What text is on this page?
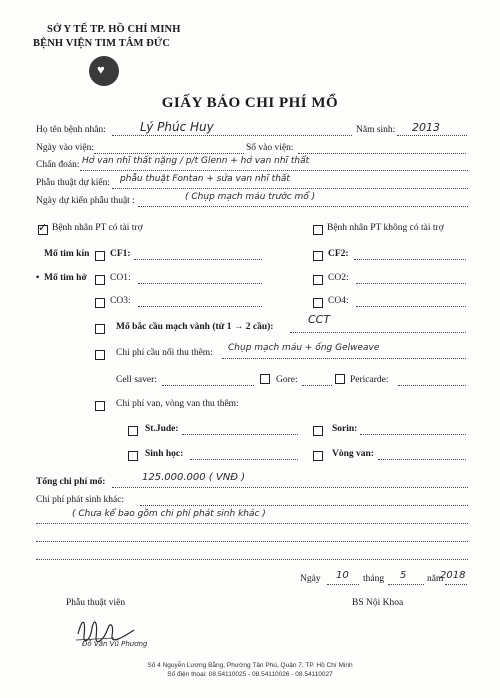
SỞ Y TẾ TP. HỒ CHÍ MINH
BỆNH VIỆN TIM TÂM ĐỨC
♥
GIẤY BÁO CHI PHÍ MỔ
Họ tên bệnh nhân:	Lý Phúc Huy	Năm sinh: 2013
Ngày vào viện:	Số vào viện:
Chẩn đoán: Hở van nhĩ thất nặng / p/t Glenn + hở van nhĩ thất
Phẫu thuật dự kiến: phẫu thuật Fontan + sửa van nhĩ thất
Ngày dự kiến phẫu thuật :	( Chụp mạch máu trước mổ )
✓
Bệnh nhân PT có tài trợ	Bệnh nhân PT không có tài trợ
Mổ tim kín CF1:	CF2:
• Mổ tim hở CO1:	CO2:
CO3:	CO4:
Mổ bắc cầu mạch vành (từ 1 → 2 cầu):
CCT
Chi phí cầu nối thu thêm: Chụp mạch máu + ống Gelweave
Cell saver:	Gore:	Pericarde:
Chi phí van, vòng van thu thêm:
St.Jude:	Sorin:
Sinh học:	Vòng van:
Tổng chi phí mổ:	125.000.000 ( VNĐ )
Chi phí phát sinh khác:
( Chưa kể bao gồm chi phí phát sinh khác )
Ngày 10 tháng 5 năm
2018
Phẫu thuật viên
Đỗ Văn Vũ Phương
BS Nội Khoa
Số 4 Nguyễn Lương Bằng, Phường Tân Phú, Quận 7, TP. Hồ Chí Minh
Số điện thoại: 08.54110025 - 08.54110026 - 08.54110027
